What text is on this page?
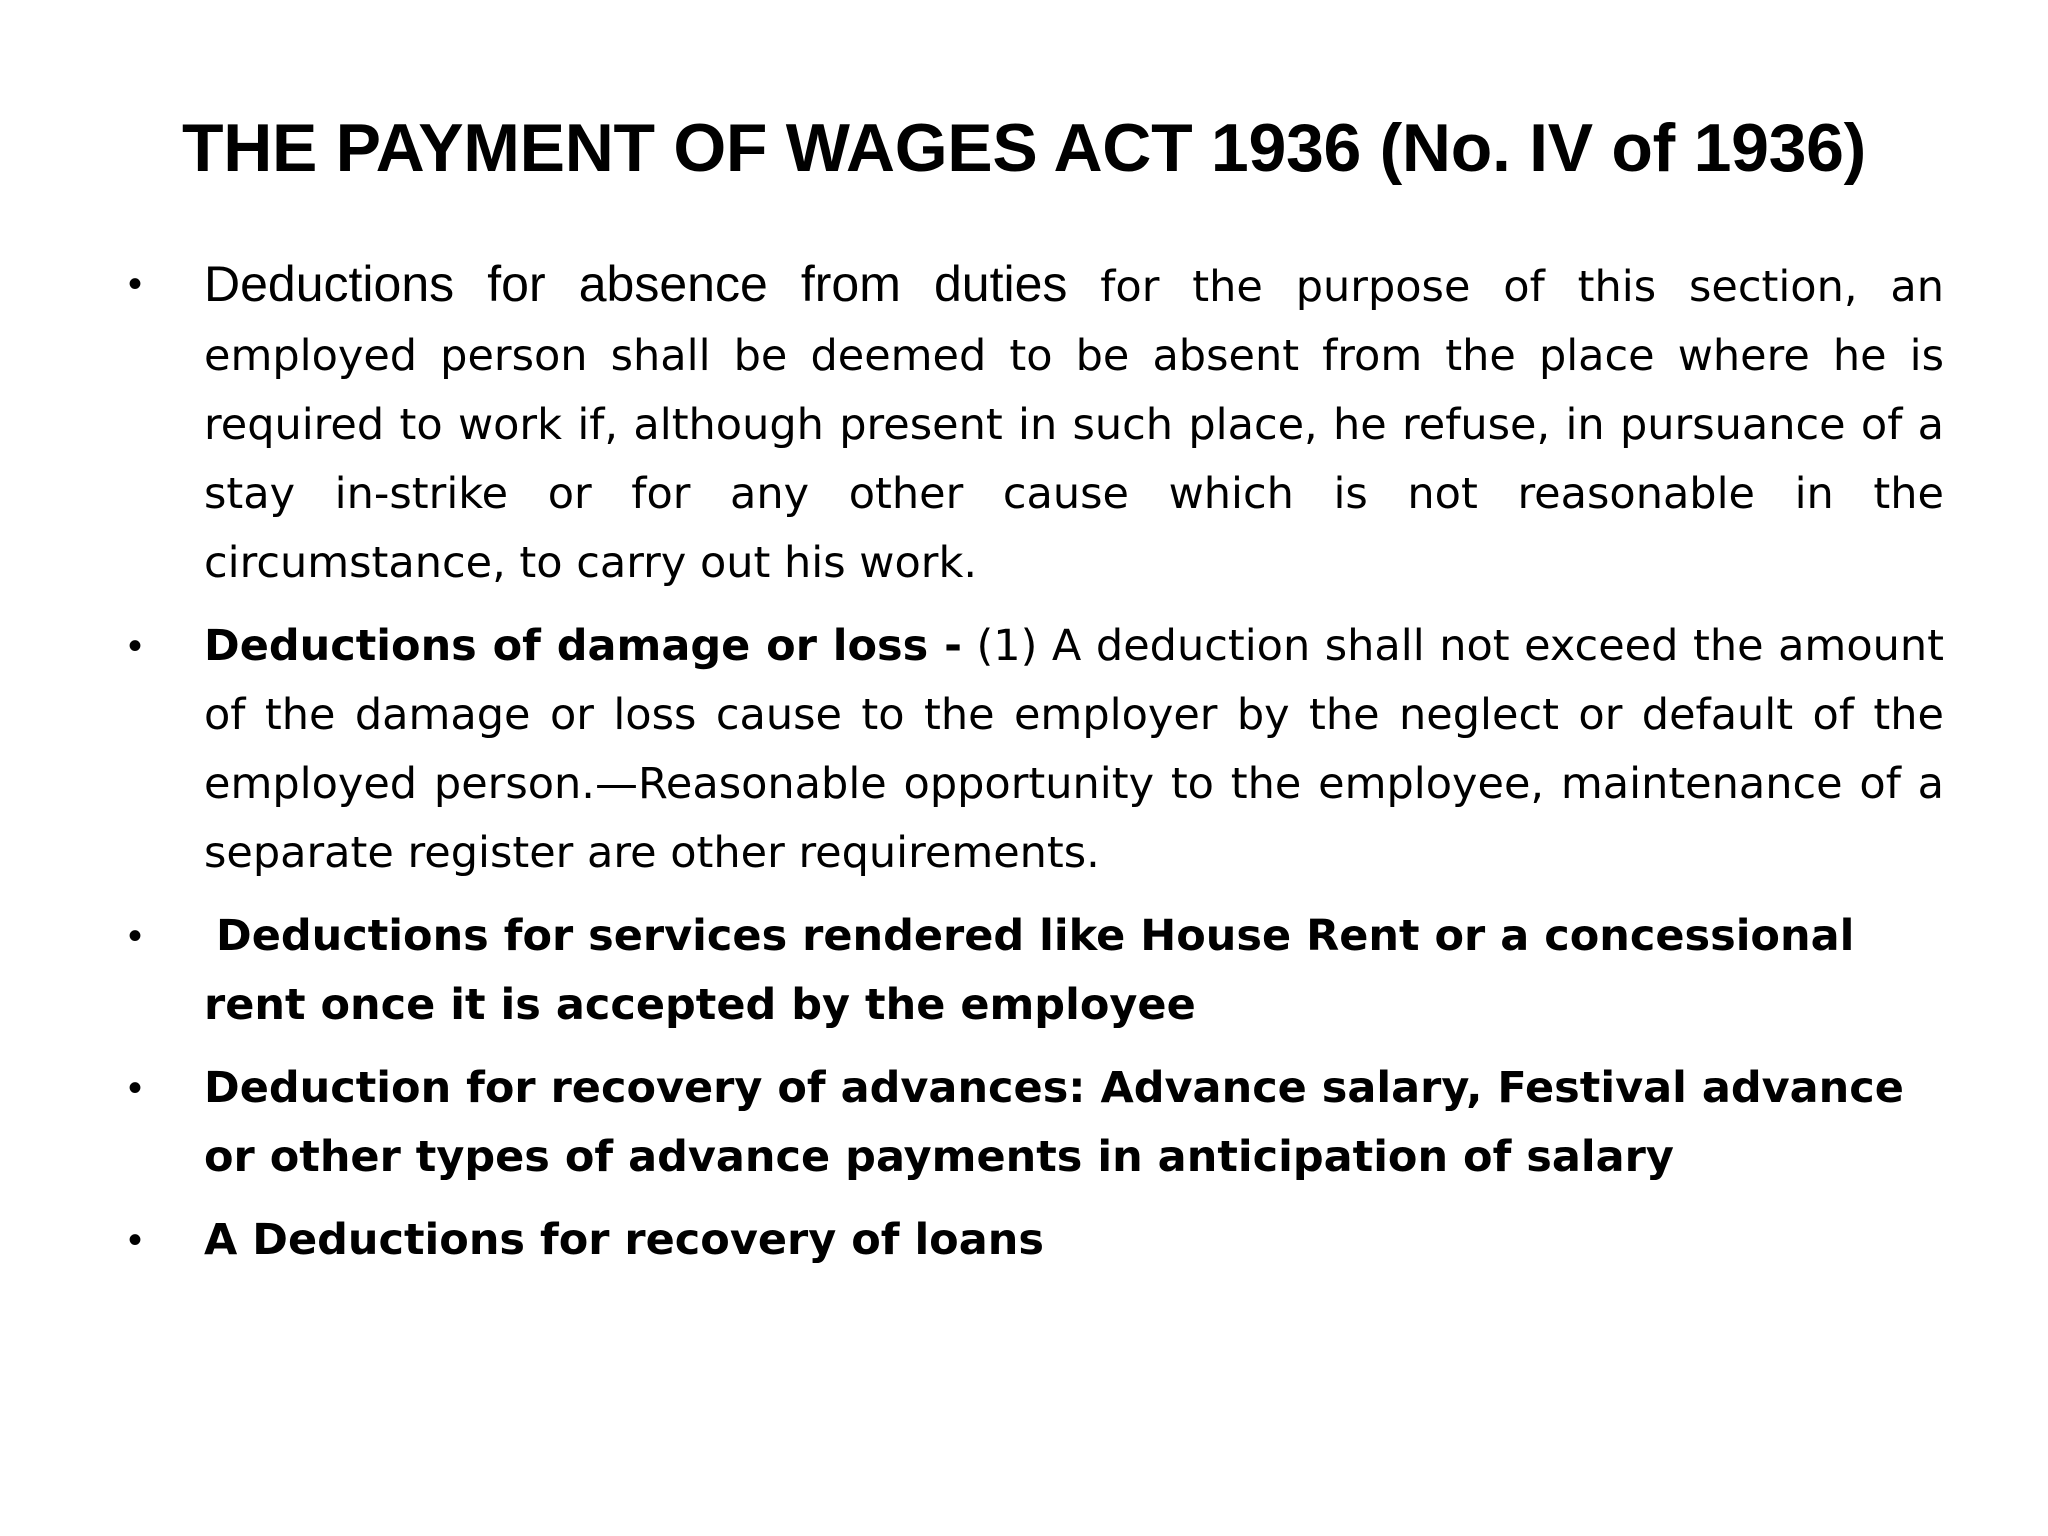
THE PAYMENT OF WAGES ACT 1936 (No. IV of 1936)
• Deductions for absence from duties for the purpose of this section, an employed person shall be deemed to be absent from the place where he is required to work if, although present in such place, he refuse, in pursuance of a stay in-strike or for any other cause which is not reasonable in the circumstance, to carry out his work.
• Deductions of damage or loss - (1) A deduction shall not exceed the amount of the damage or loss cause to the employer by the neglect or default of the employed person.—Reasonable opportunity to the employee, maintenance of a separate register are other requirements.
• Deductions for services rendered like House Rent or a concessional rent once it is accepted by the employee
• Deduction for recovery of advances: Advance salary, Festival advance or other types of advance payments in anticipation of salary
• A Deductions for recovery of loans
